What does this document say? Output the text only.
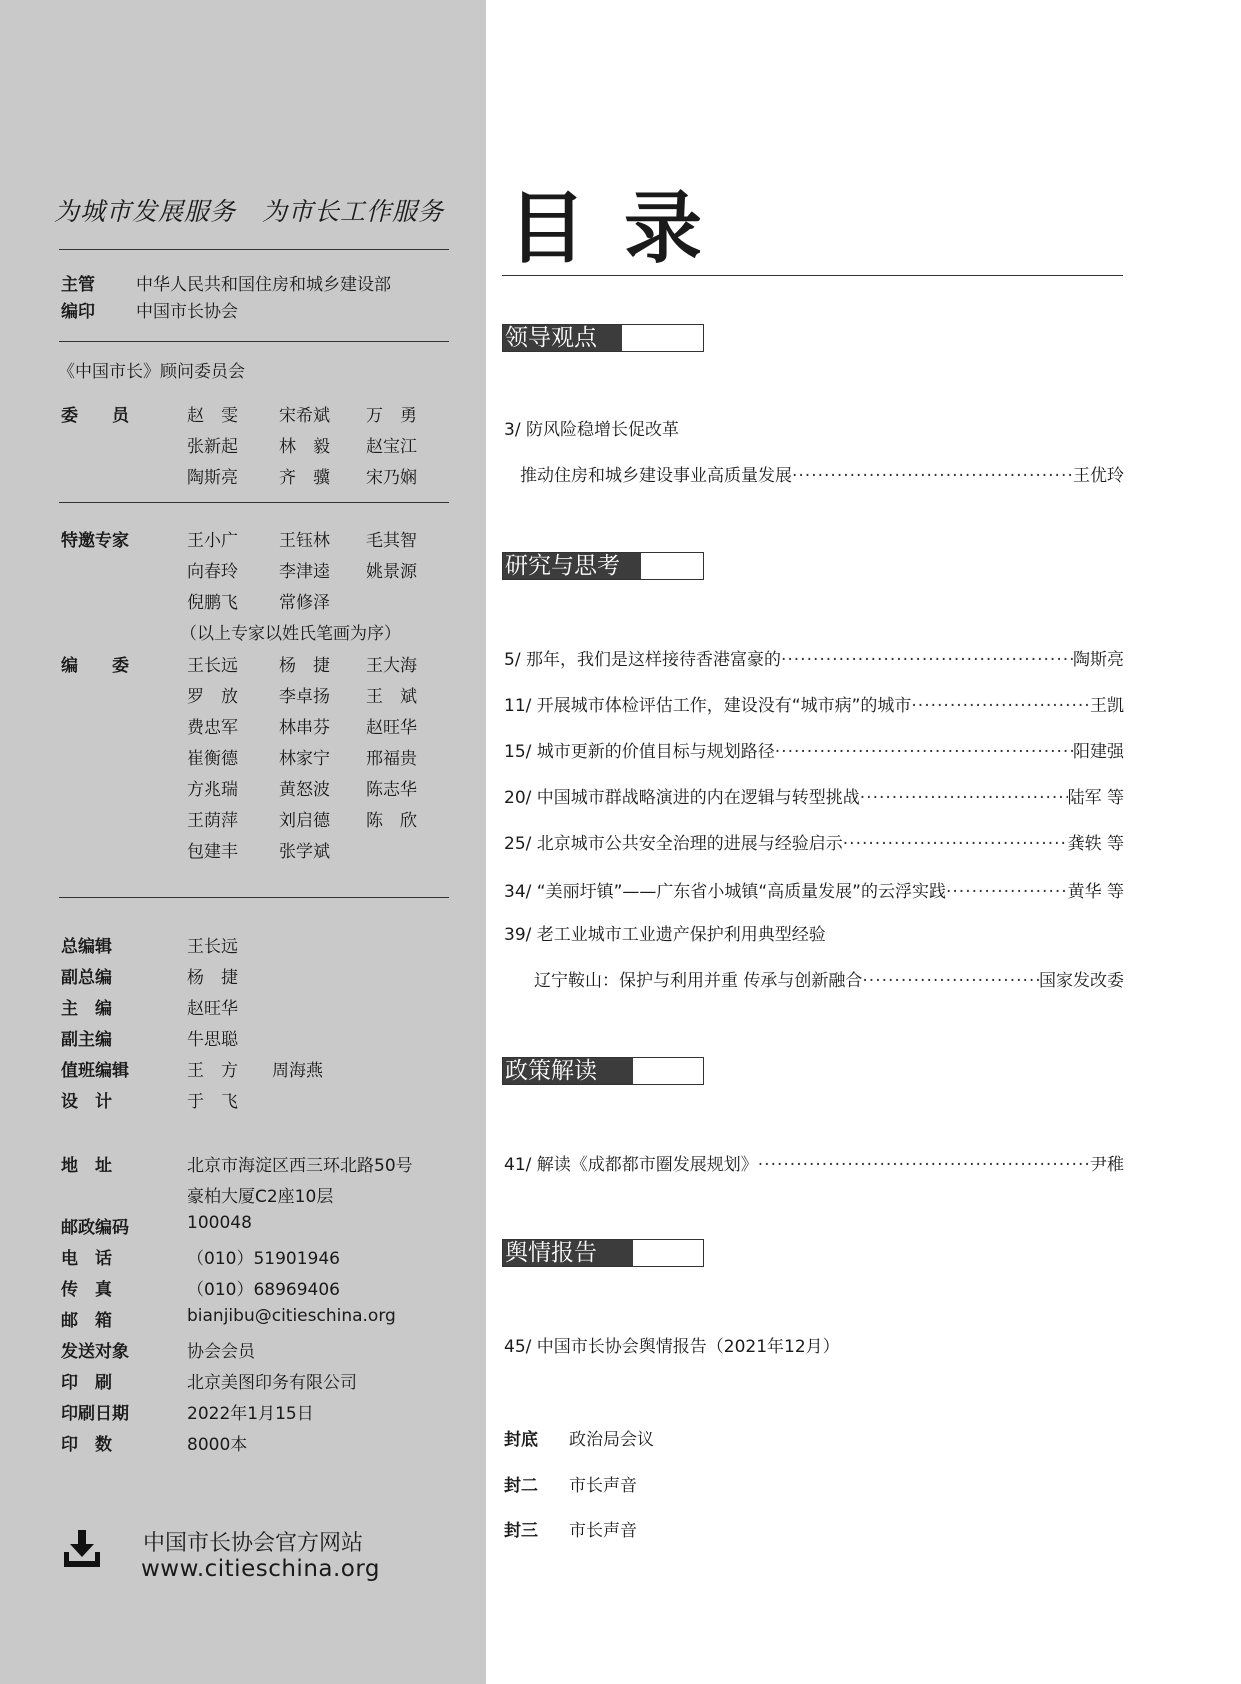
为城市发展服务 为市长工作服务
主管 中华人民共和国住房和城乡建设部
编印 中国市长协会
《中国市长》顾问委员会
委　　员	赵　雯 宋希斌 万　勇
张新起 林　毅 赵宝江
陶斯亮 齐　骥 宋乃娴
特邀专家	王小广 王钰林 毛其智
向春玲 李津逵 姚景源
倪鹏飞 常修泽
（以上专家以姓氏笔画为序）
编　　委	王长远 杨　捷 王大海
罗　放 李卓扬 王　斌
费忠军 林串芬 赵旺华
崔衡德 林家宁 邢福贵
方兆瑞 黄怒波 陈志华
王荫萍 刘启德 陈　欣
包建丰 张学斌
总编辑	王长远
副总编	杨　捷
主　编	赵旺华
副主编	牛思聪
值班编辑	王　方　　周海燕
设　计	于　飞
地　址	北京市海淀区西三环北路50号
豪柏大厦C2座10层
邮政编码	100048
电　话	（010）51901946
传　真	（010）68969406
邮　箱	bianjibu@citieschina.org
发送对象	协会会员
印　刷	北京美图印务有限公司
印刷日期	2022年1月15日
印　数	8000本
中国市长协会官方网站
www.citieschina.org
目录
领导观点
3/ 防风险稳增长促改革
推动住房和城乡建设事业高质量发展 .....	王优玲
研究与思考
5/ 那年，我们是这样接待香港富豪的 .....	陶斯亮
11/ 开展城市体检评估工作，建设没有“城市病”的城市 .....	王凯
15/ 城市更新的价值目标与规划路径 .....	阳建强
20/ 中国城市群战略演进的内在逻辑与转型挑战 .....	陆军 等
25/ 北京城市公共安全治理的进展与经验启示 .....	龚轶 等
34/ “美丽圩镇”——广东省小城镇“高质量发展”的云浮实践 .....	黄华 等
39/ 老工业城市工业遗产保护利用典型经验
辽宁鞍山：保护与利用并重 传承与创新融合 .....	国家发改委
政策解读
41/ 解读《成都都市圈发展规划》 .....	尹稚
舆情报告
45/ 中国市长协会舆情报告（2021年12月）
封底 政治局会议
封二 市长声音
封三 市长声音
